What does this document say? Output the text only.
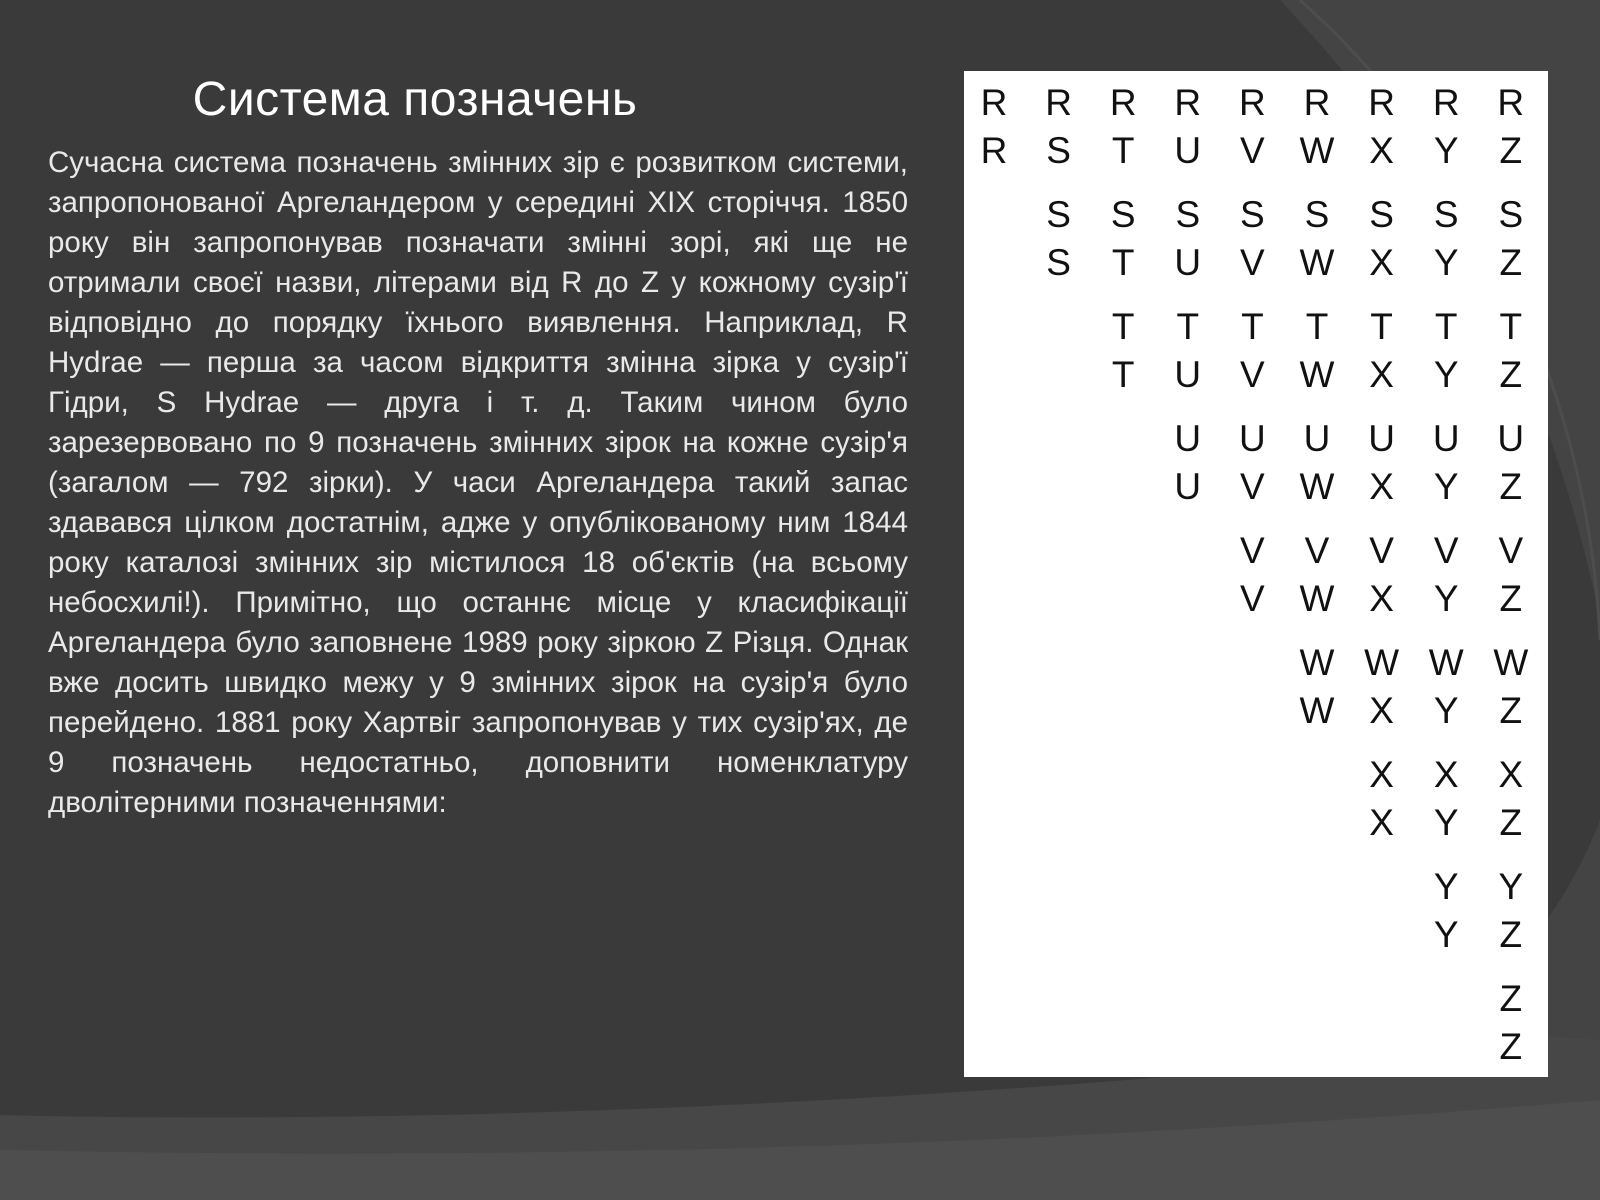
Система позначень
Сучасна система позначень змінних зір є розвитком системи, запропонованої Аргеландером у середині XIX сторіччя. 1850 року він запропонував позначати змінні зорі, які ще не отримали своєї назви, літерами від R до Z у кожному сузір'ї відповідно до порядку їхнього виявлення. Наприклад, R Hydrae — перша за часом відкриття змінна зірка у сузір'ї Гідри, S Hydrae — друга і т. д. Таким чином було зарезервовано по 9 позначень змінних зірок на кожне сузір'я (загалом — 792 зірки). У часи Аргеландера такий запас здавався цілком достатнім, адже у опублікованому ним 1844 року каталозі змінних зір містилося 18 об'єктів (на всьому небосхилі!). Примітно, що останнє місце у класифікації Аргеландера було заповнене 1989 року зіркою Z Різця. Однак вже досить швидко межу у 9 змінних зірок на сузір'я було перейдено. 1881 року Хартвіг запропонував у тих сузір'ях, де 9 позначень недостатньо, доповнити номенклатуру дволітерними позначеннями:
R
R
R
S
R
T
R
U
R
V
R
W
R
X
R
Y
R
Z
S
S
S
T
S
U
S
V
S
W
S
X
S
Y
S
Z
T
T
T
U
T
V
T
W
T
X
T
Y
T
Z
U
U
U
V
U
W
U
X
U
Y
U
Z
V
V
V
W
V
X
V
Y
V
Z
W
W
W
X
W
Y
W
Z
X
X
X
Y
X
Z
Y
Y
Y
Z
Z
Z
